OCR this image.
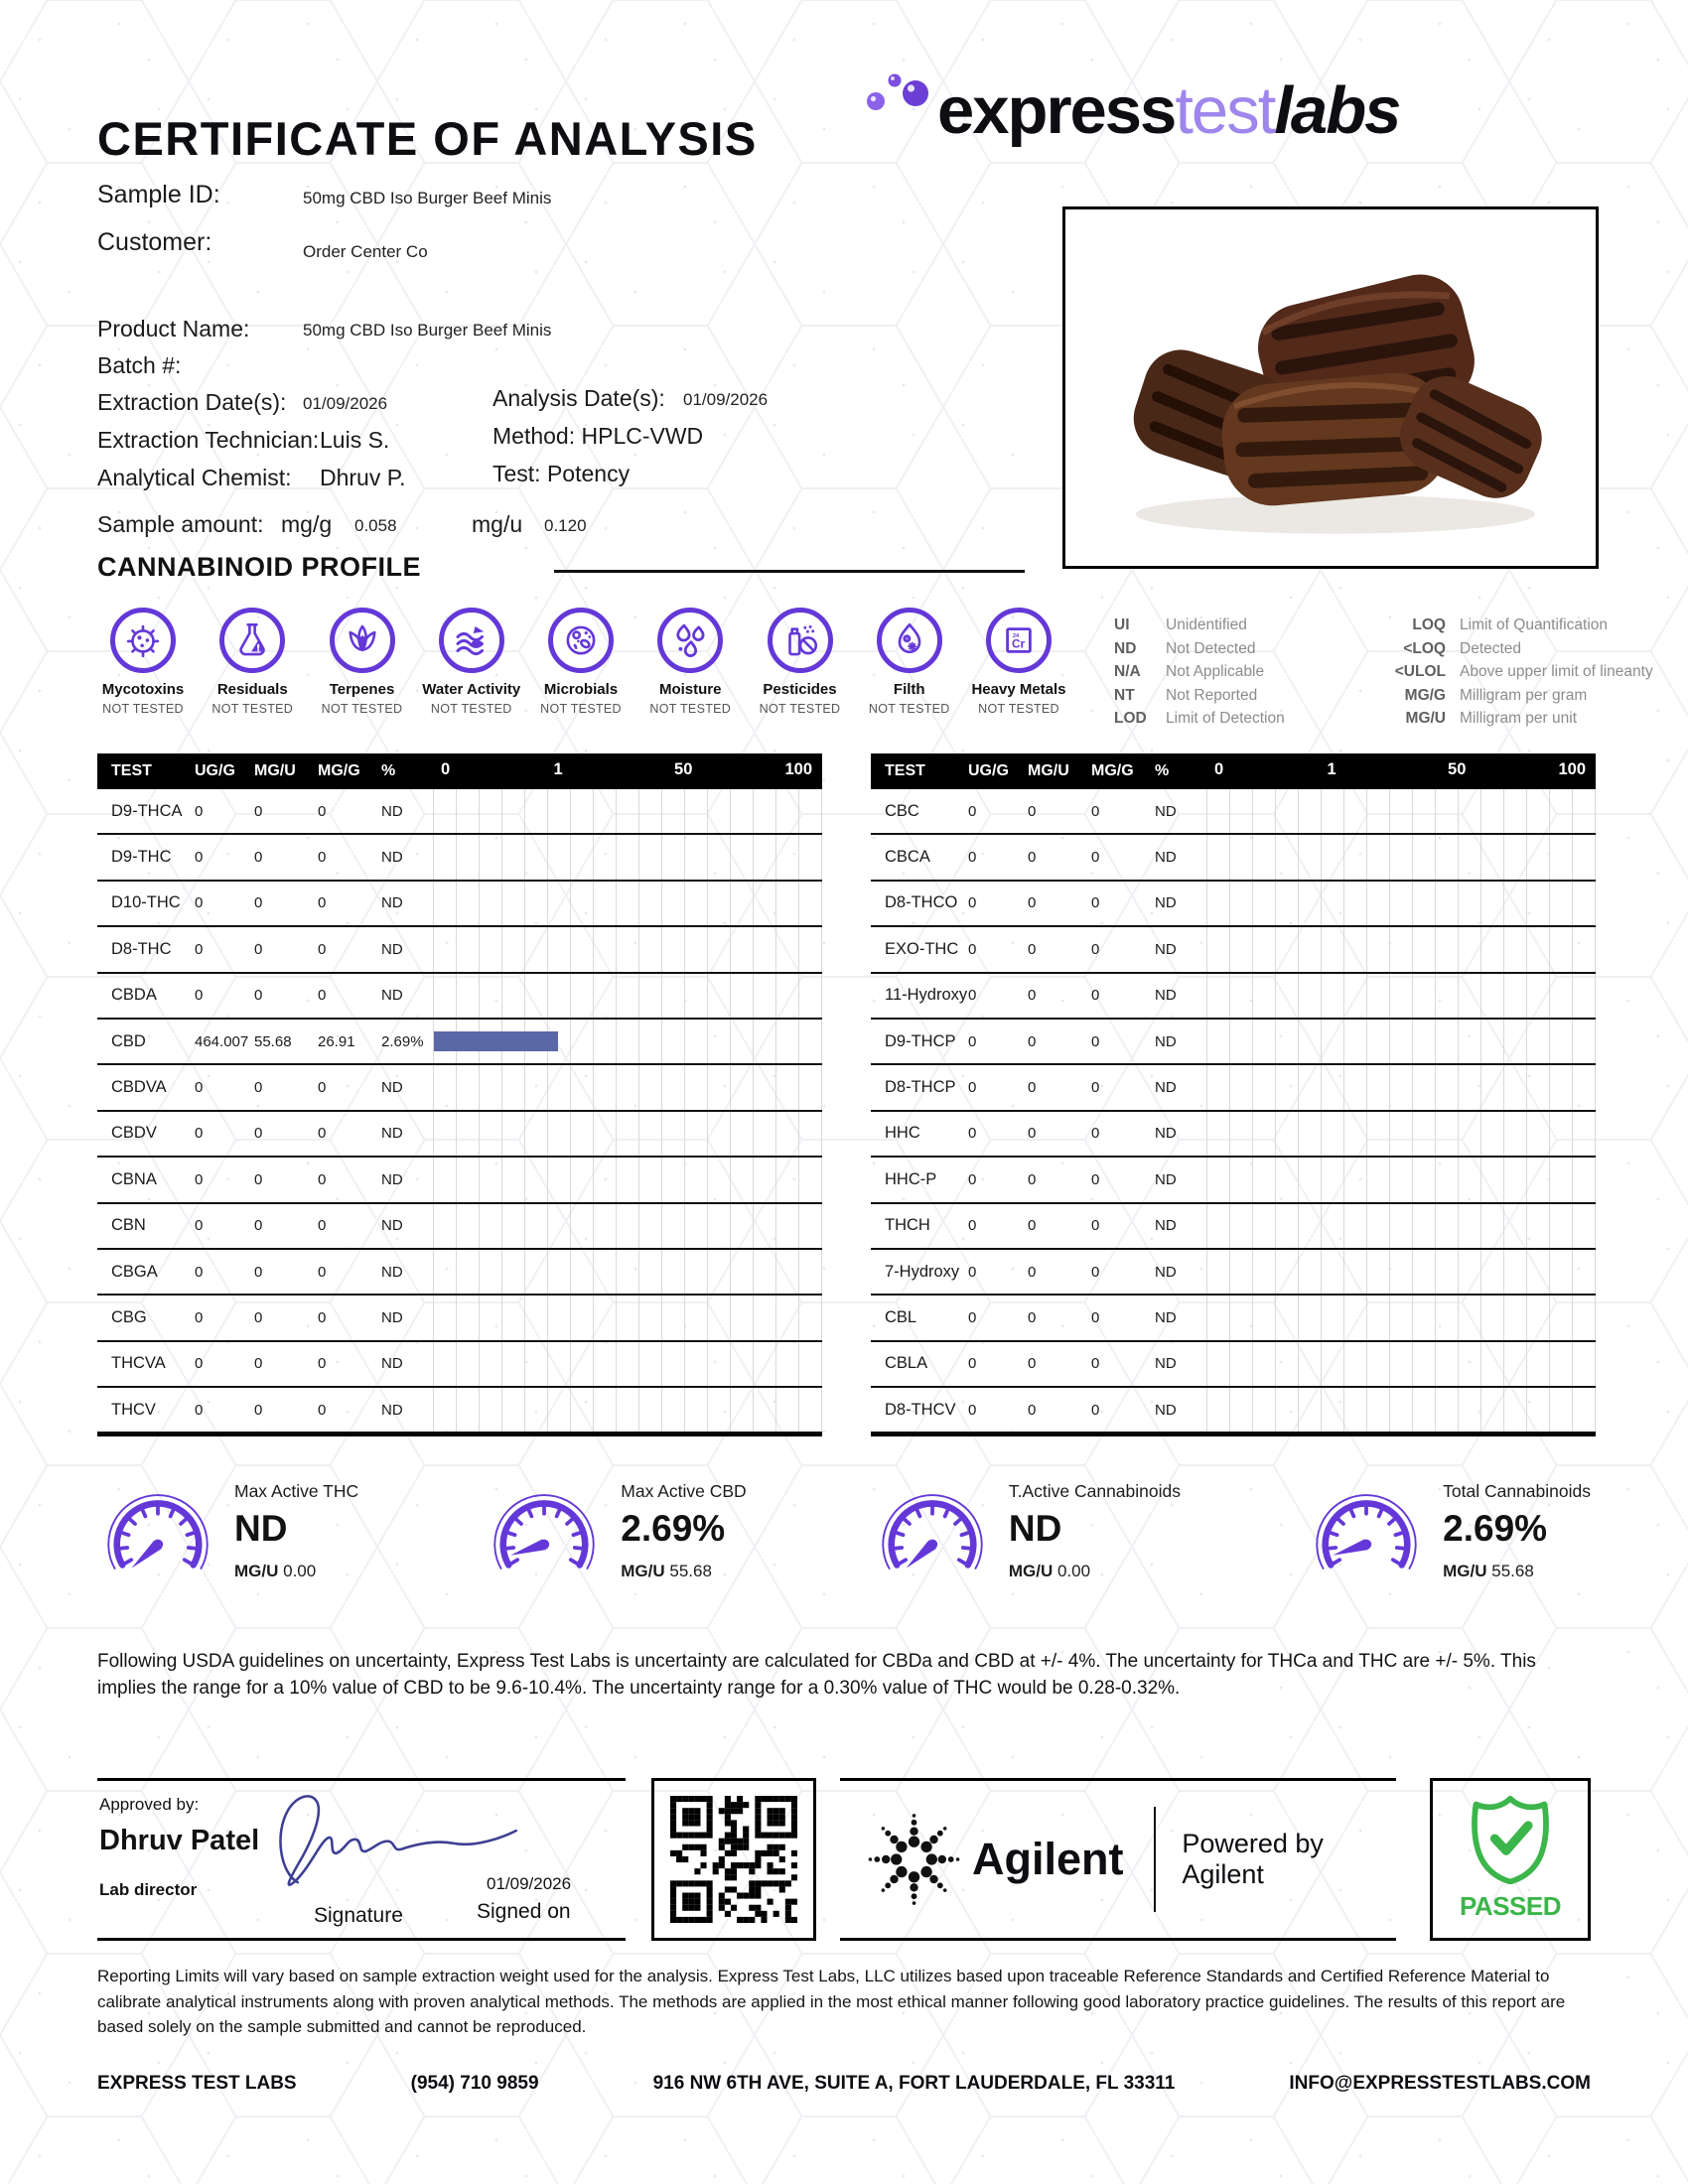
CERTIFICATE OF ANALYSIS	expresstestlabs
Sample ID:	50mg CBD Iso Burger Beef Minis
Customer:	Order Center Co
Product Name:	50mg CBD Iso Burger Beef Minis
Batch #:
Extraction Date(s): 01/09/2026	Analysis Date(s): 01/09/2026
Extraction Technician: Luis S.	Method: HPLC-VWD
Analytical Chemist: Dhruv P.	Test: Potency
Sample amount: mg/g 0.058	mg/u 0.120
CANNABINOID PROFILE
Mycotoxins
NOT TESTED
Residuals
NOT TESTED
Terpenes
NOT TESTED
Water Activity
NOT TESTED
Microbials
NOT TESTED
Moisture
NOT TESTED
Pesticides
NOT TESTED
Filth
NOT TESTED
Heavy Metals
NOT TESTED
UI	Unidentified
ND	Not Detected
N/A	Not Applicable
NT	Not Reported
LOD	Limit of Detection
LOQ Limit of Quantification
<LOQ Detected
<ULOL Above upper limit of lineanty
MG/G Milligram per gram
MG/U Milligram per unit
TEST	UG/G	MG/U	MG/G	%	0	1	50	100
D9-THCA 0	0	0	ND
D9-THC	0	0	0	ND
D10-THC 0	0	0	ND
D8-THC	0	0	0	ND
CBDA	0	0	0	ND
CBD	464.007 55.68	26.91	2.69%
CBDVA	0	0	0	ND
CBDV	0	0	0	ND
CBNA	0	0	0	ND
CBN	0	0	0	ND
CBGA	0	0	0	ND
CBG	0	0	0	ND
THCVA	0	0	0	ND
THCV	0	0	0	ND
TEST	UG/G	MG/U	MG/G	%	0	1	50	100
CBC	0	0	0	ND
CBCA	0	0	0	ND
D8-THCO 0	0	0	ND
EXO-THC 0	0	0	ND
11-Hydroxy 0	0	0	ND
D9-THCP 0	0	0	ND
D8-THCP 0	0	0	ND
HHC	0	0	0	ND
HHC-P	0	0	0	ND
THCH	0	0	0	ND
7-Hydroxy 0	0	0	ND
CBL	0	0	0	ND
CBLA	0	0	0	ND
D8-THCV 0	0	0	ND
Max Active THC
ND
MG/U 0.00
Max Active CBD
2.69%
MG/U 55.68
T.Active Cannabinoids
ND
MG/U 0.00
Total Cannabinoids
2.69%
MG/U 55.68
Following USDA guidelines on uncertainty, Express Test Labs is uncertainty are calculated for CBDa and CBD at +/- 4%. The uncertainty for THCa and THC are +/- 5%. This implies the range for a 10% value of CBD to be 9.6-10.4%. The uncertainty range for a 0.30% value of THC would be 0.28-0.32%.
Approved by:
Dhruv Patel
Lab director
Signature
01/09/2026
Signed on
Agilent Powered by Agilent
PASSED
Reporting Limits will vary based on sample extraction weight used for the analysis. Express Test Labs, LLC utilizes based upon traceable Reference Standards and Certified Reference Material to calibrate analytical instruments along with proven analytical methods. The methods are applied in the most ethical manner following good laboratory practice guidelines. The results of this report are based solely on the sample submitted and cannot be reproduced.
EXPRESS TEST LABS	(954) 710 9859	916 NW 6TH AVE, SUITE A, FORT LAUDERDALE, FL 33311	INFO@EXPRESSTESTLABS.COM
